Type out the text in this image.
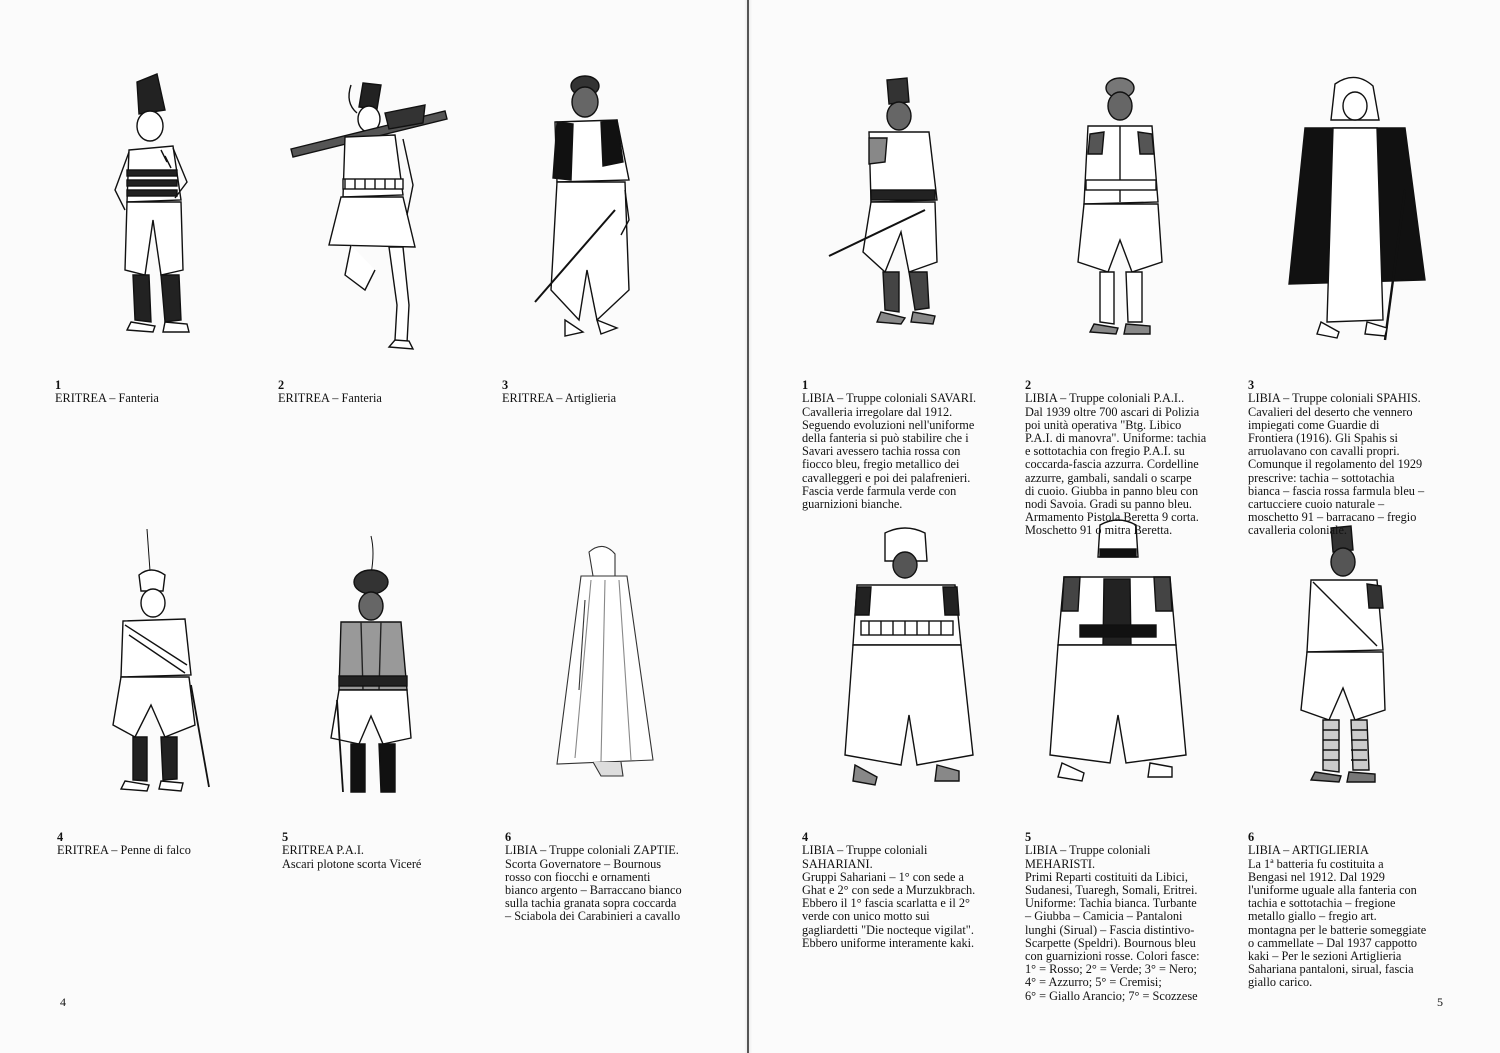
1
ERITREA – Fanteria

2
ERITREA – Fanteria

3
ERITREA – Artiglieria

4
ERITREA – Penne di falco

5
ERITREA P.A.I.
Ascari plotone scorta Viceré

6
LIBIA – Truppe coloniali ZAPTIE.
Scorta Governatore – Bournous
rosso con fiocchi e ornamenti
bianco argento – Barraccano bianco
sulla tachia granata sopra coccarda
– Sciabola dei Carabinieri a cavallo

1
LIBIA – Truppe coloniali SAVARI.
Cavalleria irregolare dal 1912.
Seguendo evoluzioni nell'uniforme
della fanteria si può stabilire che i
Savari avessero tachia rossa con
fiocco bleu, fregio metallico dei
cavalleggeri e poi dei palafrenieri.
Fascia verde farmula verde con
guarnizioni bianche.

2
LIBIA – Truppe coloniali P.A.I..
Dal 1939 oltre 700 ascari di Polizia
poi unità operativa "Btg. Libico
P.A.I. di manovra". Uniforme: tachia
e sottotachia con fregio P.A.I. su
coccarda-fascia azzurra. Cordelline
azzurre, gambali, sandali o scarpe
di cuoio. Giubba in panno bleu con
nodi Savoia. Gradi su panno bleu.
Armamento Pistola Beretta 9 corta.
Moschetto 91 o mitra Beretta.

3
LIBIA – Truppe coloniali SPAHIS.
Cavalieri del deserto che vennero
impiegati come Guardie di
Frontiera (1916). Gli Spahis si
arruolavano con cavalli propri.
Comunque il regolamento del 1929
prescrive: tachia – sottotachia
bianca – fascia rossa farmula bleu –
cartucciere cuoio naturale –
moschetto 91 – barracano – fregio
cavalleria coloniale.

4
LIBIA – Truppe coloniali
SAHARIANI.
Gruppi Sahariani – 1° con sede a
Ghat e 2° con sede a Murzukbrach.
Ebbero il 1° fascia scarlatta e il 2°
verde con unico motto sui
gagliardetti "Die nocteque vigilat".
Ebbero uniforme interamente kaki.

5
LIBIA – Truppe coloniali
MEHARISTI.
Primi Reparti costituiti da Libici,
Sudanesi, Tuaregh, Somali, Eritrei.
Uniforme: Tachia bianca. Turbante
– Giubba – Camicia – Pantaloni
lunghi (Sirual) – Fascia distintivo-
Scarpette (Speldri). Bournous bleu
con guarnizioni rosse. Colori fasce:
1° = Rosso; 2° = Verde; 3° = Nero;
4° = Azzurro; 5° = Cremisi;
6° = Giallo Arancio; 7° = Scozzese

6
LIBIA – ARTIGLIERIA
La 1ª batteria fu costituita a
Bengasi nel 1912. Dal 1929
l'uniforme uguale alla fanteria con
tachia e sottotachia – fregione
metallo giallo – fregio art.
montagna per le batterie someggiate
o cammellate – Dal 1937 cappotto
kaki – Per le sezioni Artiglieria
Sahariana pantaloni, sirual, fascia
giallo carico.

4	5
